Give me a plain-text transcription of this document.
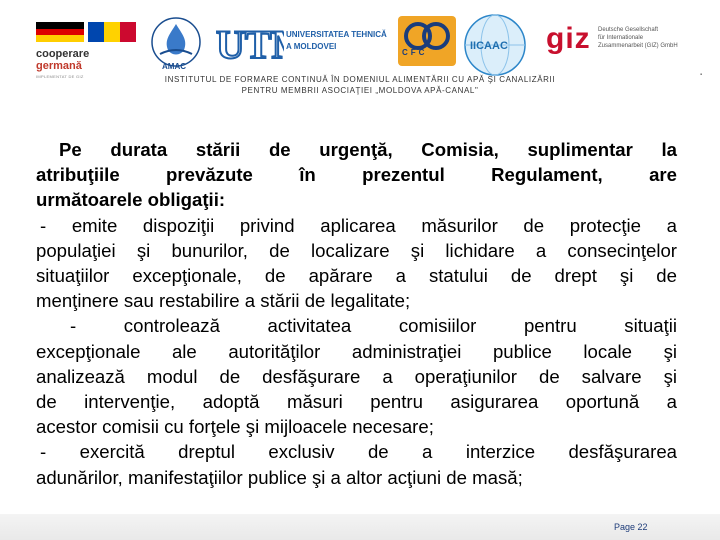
cooperare
germană
IMPLEMENTAT DE GIZ
AMAC UT	UNIVERSITATEA TEHNICĂ
A MOLDOVEI
CFC
IICAAC giz Deutsche Gesellschaft
für Internationale
Zusammenarbeit (GIZ) GmbH
▪
INSTITUTUL DE FORMARE CONTINUĂ ÎN DOMENIUL ALIMENTĂRII CU APĂ ŞI CANALIZĂRII
PENTRU MEMBRII ASOCIAŢIEI „MOLDOVA APĂ-CANAL"
Pe durata stării de urgenţă, Comisia, suplimentar la
atribuţiile prevăzute în prezentul Regulament, are
următoarele obligaţii:
- emite dispoziţii privind aplicarea măsurilor de protecţie a
populaţiei şi bunurilor, de localizare şi lichidare a consecinţelor
situaţiilor excepţionale, de apărare a statului de drept şi de
menţinere sau restabilire a stării de legalitate;
- controlează activitatea comisiilor pentru situaţii
excepţionale ale autorităţilor administraţiei publice locale şi
analizează modul de desfăşurare a operaţiunilor de salvare şi
de intervenţie, adoptă măsuri pentru asigurarea oportună a
acestor comisii cu forţele şi mijloacele necesare;
- exercită dreptul exclusiv de a interzice desfăşurarea
adunărilor, manifestaţiilor publice şi a altor acţiuni de masă;
Page 22
